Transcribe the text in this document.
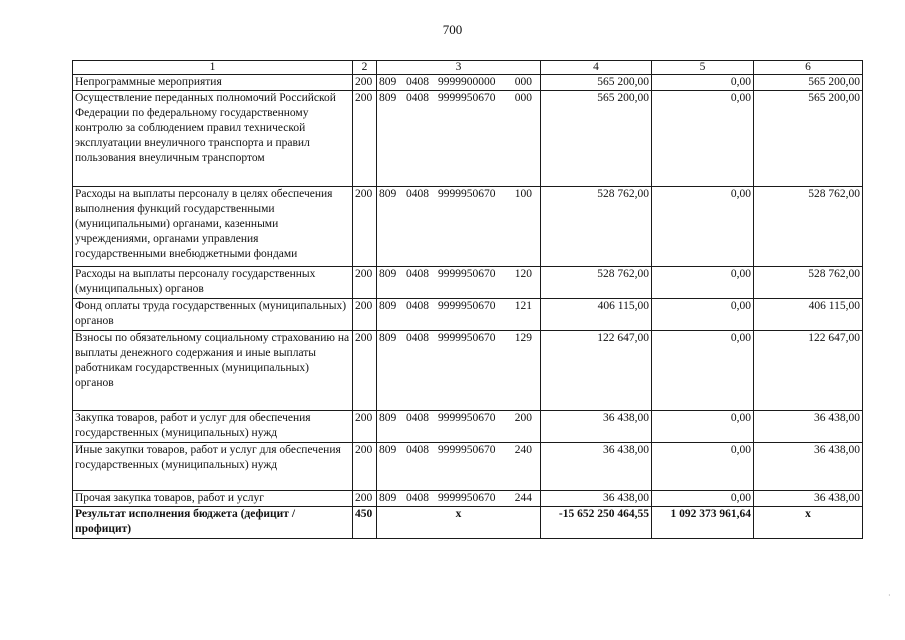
700
1	2	3	4	5	6
Непрограммные мероприятия	200	809 0408 9999900000 000	565 200,00	0,00	565 200,00
Осуществление переданных полномочий Российской Федерации по федеральному государственному контролю за соблюдением правил технической эксплуатации внеуличного транспорта и правил пользования внеуличным транспортом	200	809 0408 9999950670 000	565 200,00	0,00	565 200,00
Расходы на выплаты персоналу в целях обеспечения выполнения функций государственными (муниципальными) органами, казенными учреждениями, органами управления государственными внебюджетными фондами	200	809 0408 9999950670 100	528 762,00	0,00	528 762,00
Расходы на выплаты персоналу государственных (муниципальных) органов	200	809 0408 9999950670 120	528 762,00	0,00	528 762,00
Фонд оплаты труда государственных (муниципальных) органов	200	809 0408 9999950670 121	406 115,00	0,00	406 115,00
Взносы по обязательному социальному страхованию на выплаты денежного содержания и иные выплаты работникам государственных (муниципальных) органов	200	809 0408 9999950670 129	122 647,00	0,00	122 647,00
Закупка товаров, работ и услуг для обеспечения государственных (муниципальных) нужд	200	809 0408 9999950670 200	36 438,00	0,00	36 438,00
Иные закупки товаров, работ и услуг для обеспечения государственных (муниципальных) нужд	200	809 0408 9999950670 240	36 438,00	0,00	36 438,00
Прочая закупка товаров, работ и услуг	200	809 0408 9999950670 244	36 438,00	0,00	36 438,00
Результат исполнения бюджета (дефицит / профицит)	450	x	-15 652 250 464,55	1 092 373 961,64	x
·
